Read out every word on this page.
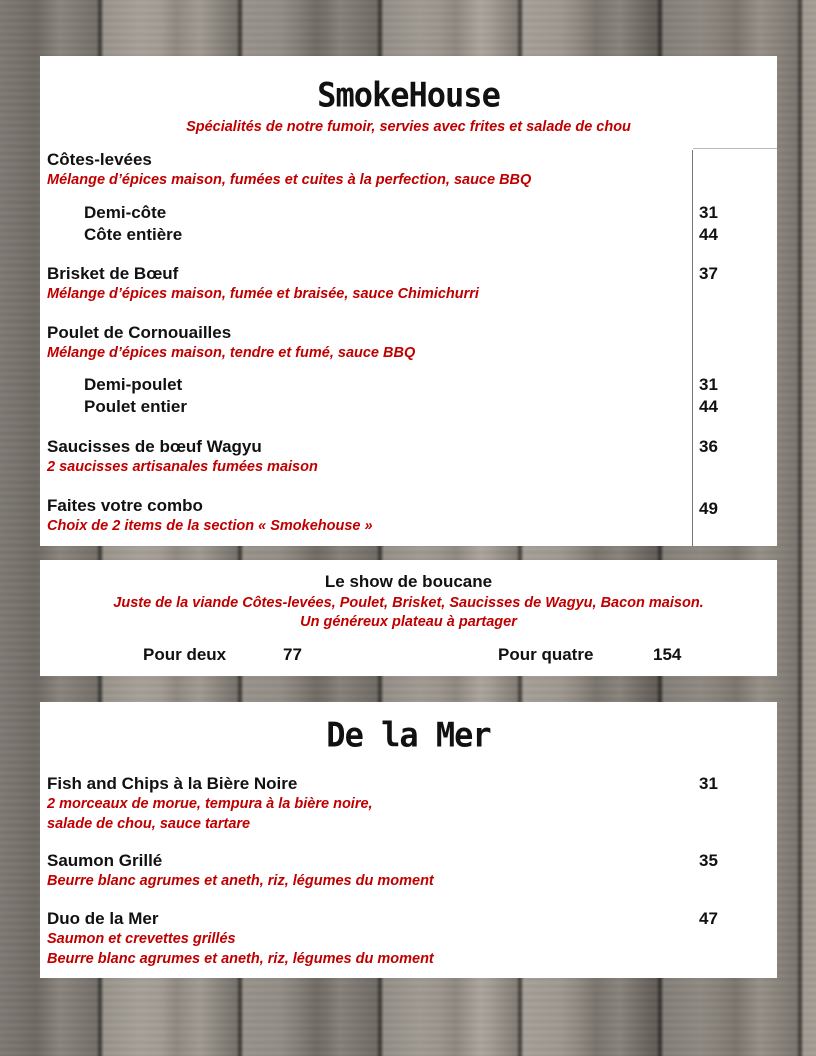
SmokeHouse
Spécialités de notre fumoir, servies avec frites et salade de chou
Côtes-levées
Mélange d’épices maison, fumées et cuites à la perfection, sauce BBQ
Demi-côte	31
Côte entière	44
Brisket de Bœuf
Mélange d’épices maison, fumée et braisée, sauce Chimichurri
37
Poulet de Cornouailles
Mélange d’épices maison, tendre et fumé, sauce BBQ
Demi-poulet	31
Poulet entier	44
Saucisses de bœuf Wagyu
2 saucisses artisanales fumées maison
36
Faites votre combo
Choix de 2 items de la section « Smokehouse »
49
Le show de boucane
Juste de la viande Côtes-levées, Poulet, Brisket, Saucisses de Wagyu, Bacon maison.
Un généreux plateau à partager
Pour deux	77	Pour quatre	154
De la Mer
Fish and Chips à la Bière Noire
2 morceaux de morue, tempura à la bière noire,
salade de chou, sauce tartare
31
Saumon Grillé
Beurre blanc agrumes et aneth, riz, légumes du moment
35
Duo de la Mer
Saumon et crevettes grillés
Beurre blanc agrumes et aneth, riz, légumes du moment
47
